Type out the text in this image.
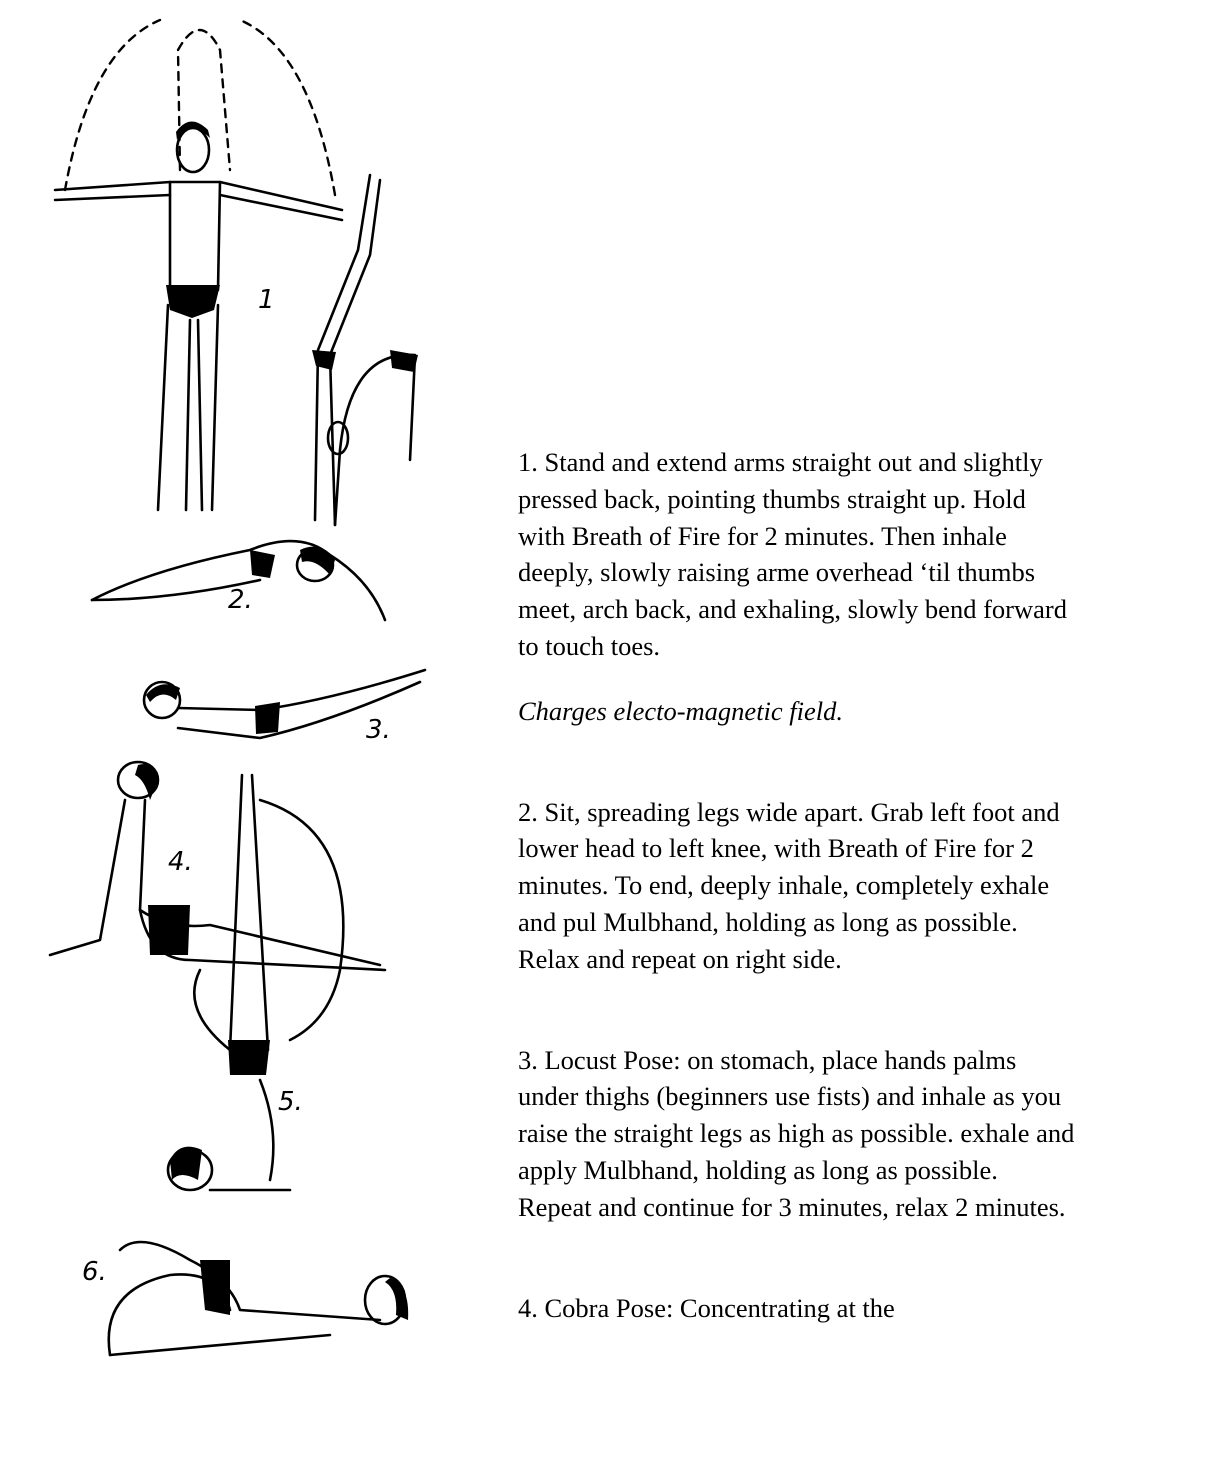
1
2.
3.
4.
5.
6.

1. Stand and extend arms straight out and slightly pressed back, pointing thumbs straight up. Hold with Breath of Fire for 2 minutes. Then inhale deeply, slowly raising arme overhead ‘til thumbs meet, arch back, and exhaling, slowly bend forward to touch toes.

Charges electo-magnetic field.

2. Sit, spreading legs wide apart. Grab left foot and lower head to left knee, with Breath of Fire for 2 minutes. To end, deeply inhale, completely exhale and pul Mulbhand, holding as long as possible. Relax and repeat on right side.

3. Locust Pose: on stomach, place hands palms under thighs (beginners use fists) and inhale as you raise the straight legs as high as possible. exhale and apply Mulbhand, holding as long as possible. Repeat and continue for 3 minutes, relax 2 minutes.

4. Cobra Pose: Concentrating at the
